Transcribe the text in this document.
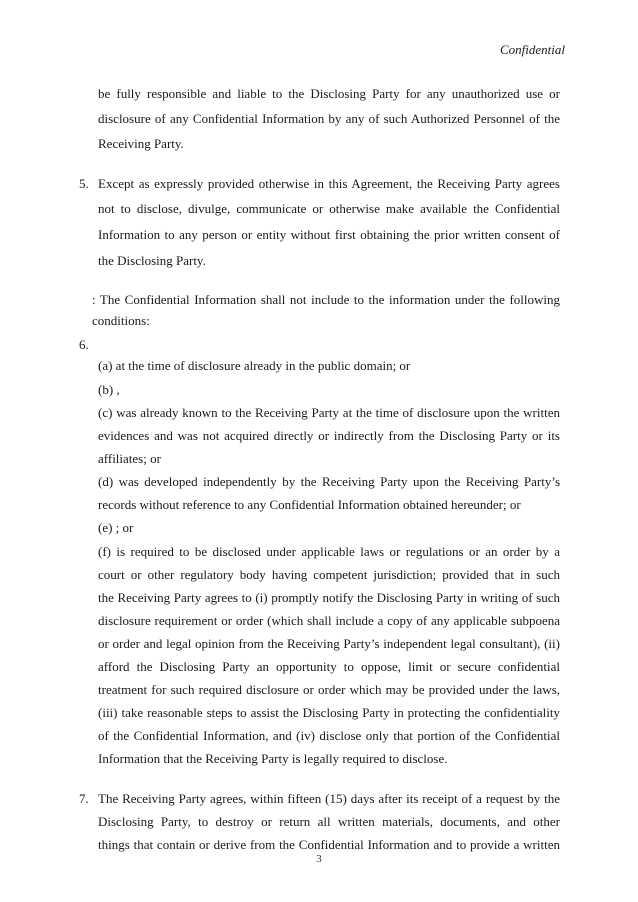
Confidential
be fully responsible and liable to the Disclosing Party for any unauthorized use or
disclosure of any Confidential Information by any of such Authorized Personnel of the
Receiving Party.
5. Except as expressly provided otherwise in this Agreement, the Receiving Party agrees
not to disclose, divulge, communicate or otherwise make available the Confidential
Information to any person or entity without first obtaining the prior written consent of
the Disclosing Party.
: The Confidential Information shall not include to the information under the following
conditions:
6.
(a) at the time of disclosure already in the public domain; or
(b) ,
(c) was already known to the Receiving Party at the time of disclosure upon the written
evidences and was not acquired directly or indirectly from the Disclosing Party or its
affiliates; or
(d) was developed independently by the Receiving Party upon the Receiving Party’s
records without reference to any Confidential Information obtained hereunder; or
(e) ; or
(f) is required to be disclosed under applicable laws or regulations or an order by a
court or other regulatory body having competent jurisdiction; provided that in such
the Receiving Party agrees to (i) promptly notify the Disclosing Party in writing of such
disclosure requirement or order (which shall include a copy of any applicable subpoena
or order and legal opinion from the Receiving Party’s independent legal consultant), (ii)
afford the Disclosing Party an opportunity to oppose, limit or secure confidential
treatment for such required disclosure or order which may be provided under the laws,
(iii) take reasonable steps to assist the Disclosing Party in protecting the confidentiality
of the Confidential Information, and (iv) disclose only that portion of the Confidential
Information that the Receiving Party is legally required to disclose.
7. The Receiving Party agrees, within fifteen (15) days after its receipt of a request by the
Disclosing Party, to destroy or return all written materials, documents, and other
things that contain or derive from the Confidential Information and to provide a written
3
